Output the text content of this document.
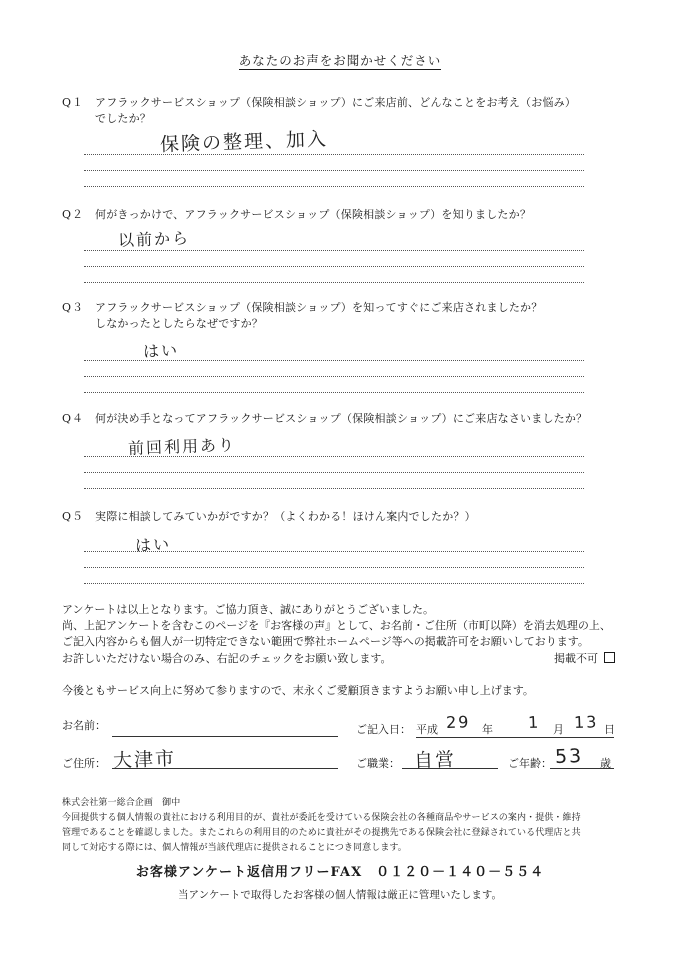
あなたのお声をお聞かせください
Q１ アフラックサービスショップ（保険相談ショップ）にご来店前、どんなことをお考え（お悩み）
でしたか？
保険の整理、加入
Q２ 何がきっかけで、アフラックサービスショップ（保険相談ショップ）を知りましたか？
以前から
Q３ アフラックサービスショップ（保険相談ショップ）を知ってすぐにご来店されましたか？
しなかったとしたらなぜですか？
はい
Q４ 何が決め手となってアフラックサービスショップ（保険相談ショップ）にご来店なさいましたか？
前回利用あり
Q５ 実際に相談してみていかがですか？（よくわかる！ほけん案内でしたか？）
はい
アンケートは以上となります。ご協力頂き、誠にありがとうございました。
尚、上記アンケートを含むこのページを『お客様の声』として、お名前・ご住所（市町以降）を消去処理の上、
ご記入内容からも個人が一切特定できない範囲で弊社ホームページ等への掲載許可をお願いしております。
お許しいただけない場合のみ、右記のチェックをお願い致します。	掲載不可
今後ともサービス向上に努めて参りますので、末永くご愛顧頂きますようお願い申し上げます。
お名前：	ご記入日： 平成 29 年 1 月 13 日
ご住所： 大津市	ご職業： 自営	ご年齢： 53 歳
株式会社第一総合企画　御中
今回提供する個人情報の貴社における利用目的が、貴社が委託を受けている保険会社の各種商品やサービスの案内・提供・維持
管理であることを確認しました。またこれらの利用目的のために貴社がその提携先である保険会社に登録されている代理店と共
同して対応する際には、個人情報が当該代理店に提供されることにつき同意します。
お客様アンケート返信用フリーFAX　０１２０－１４０－５５４
当アンケートで取得したお客様の個人情報は厳正に管理いたします。
